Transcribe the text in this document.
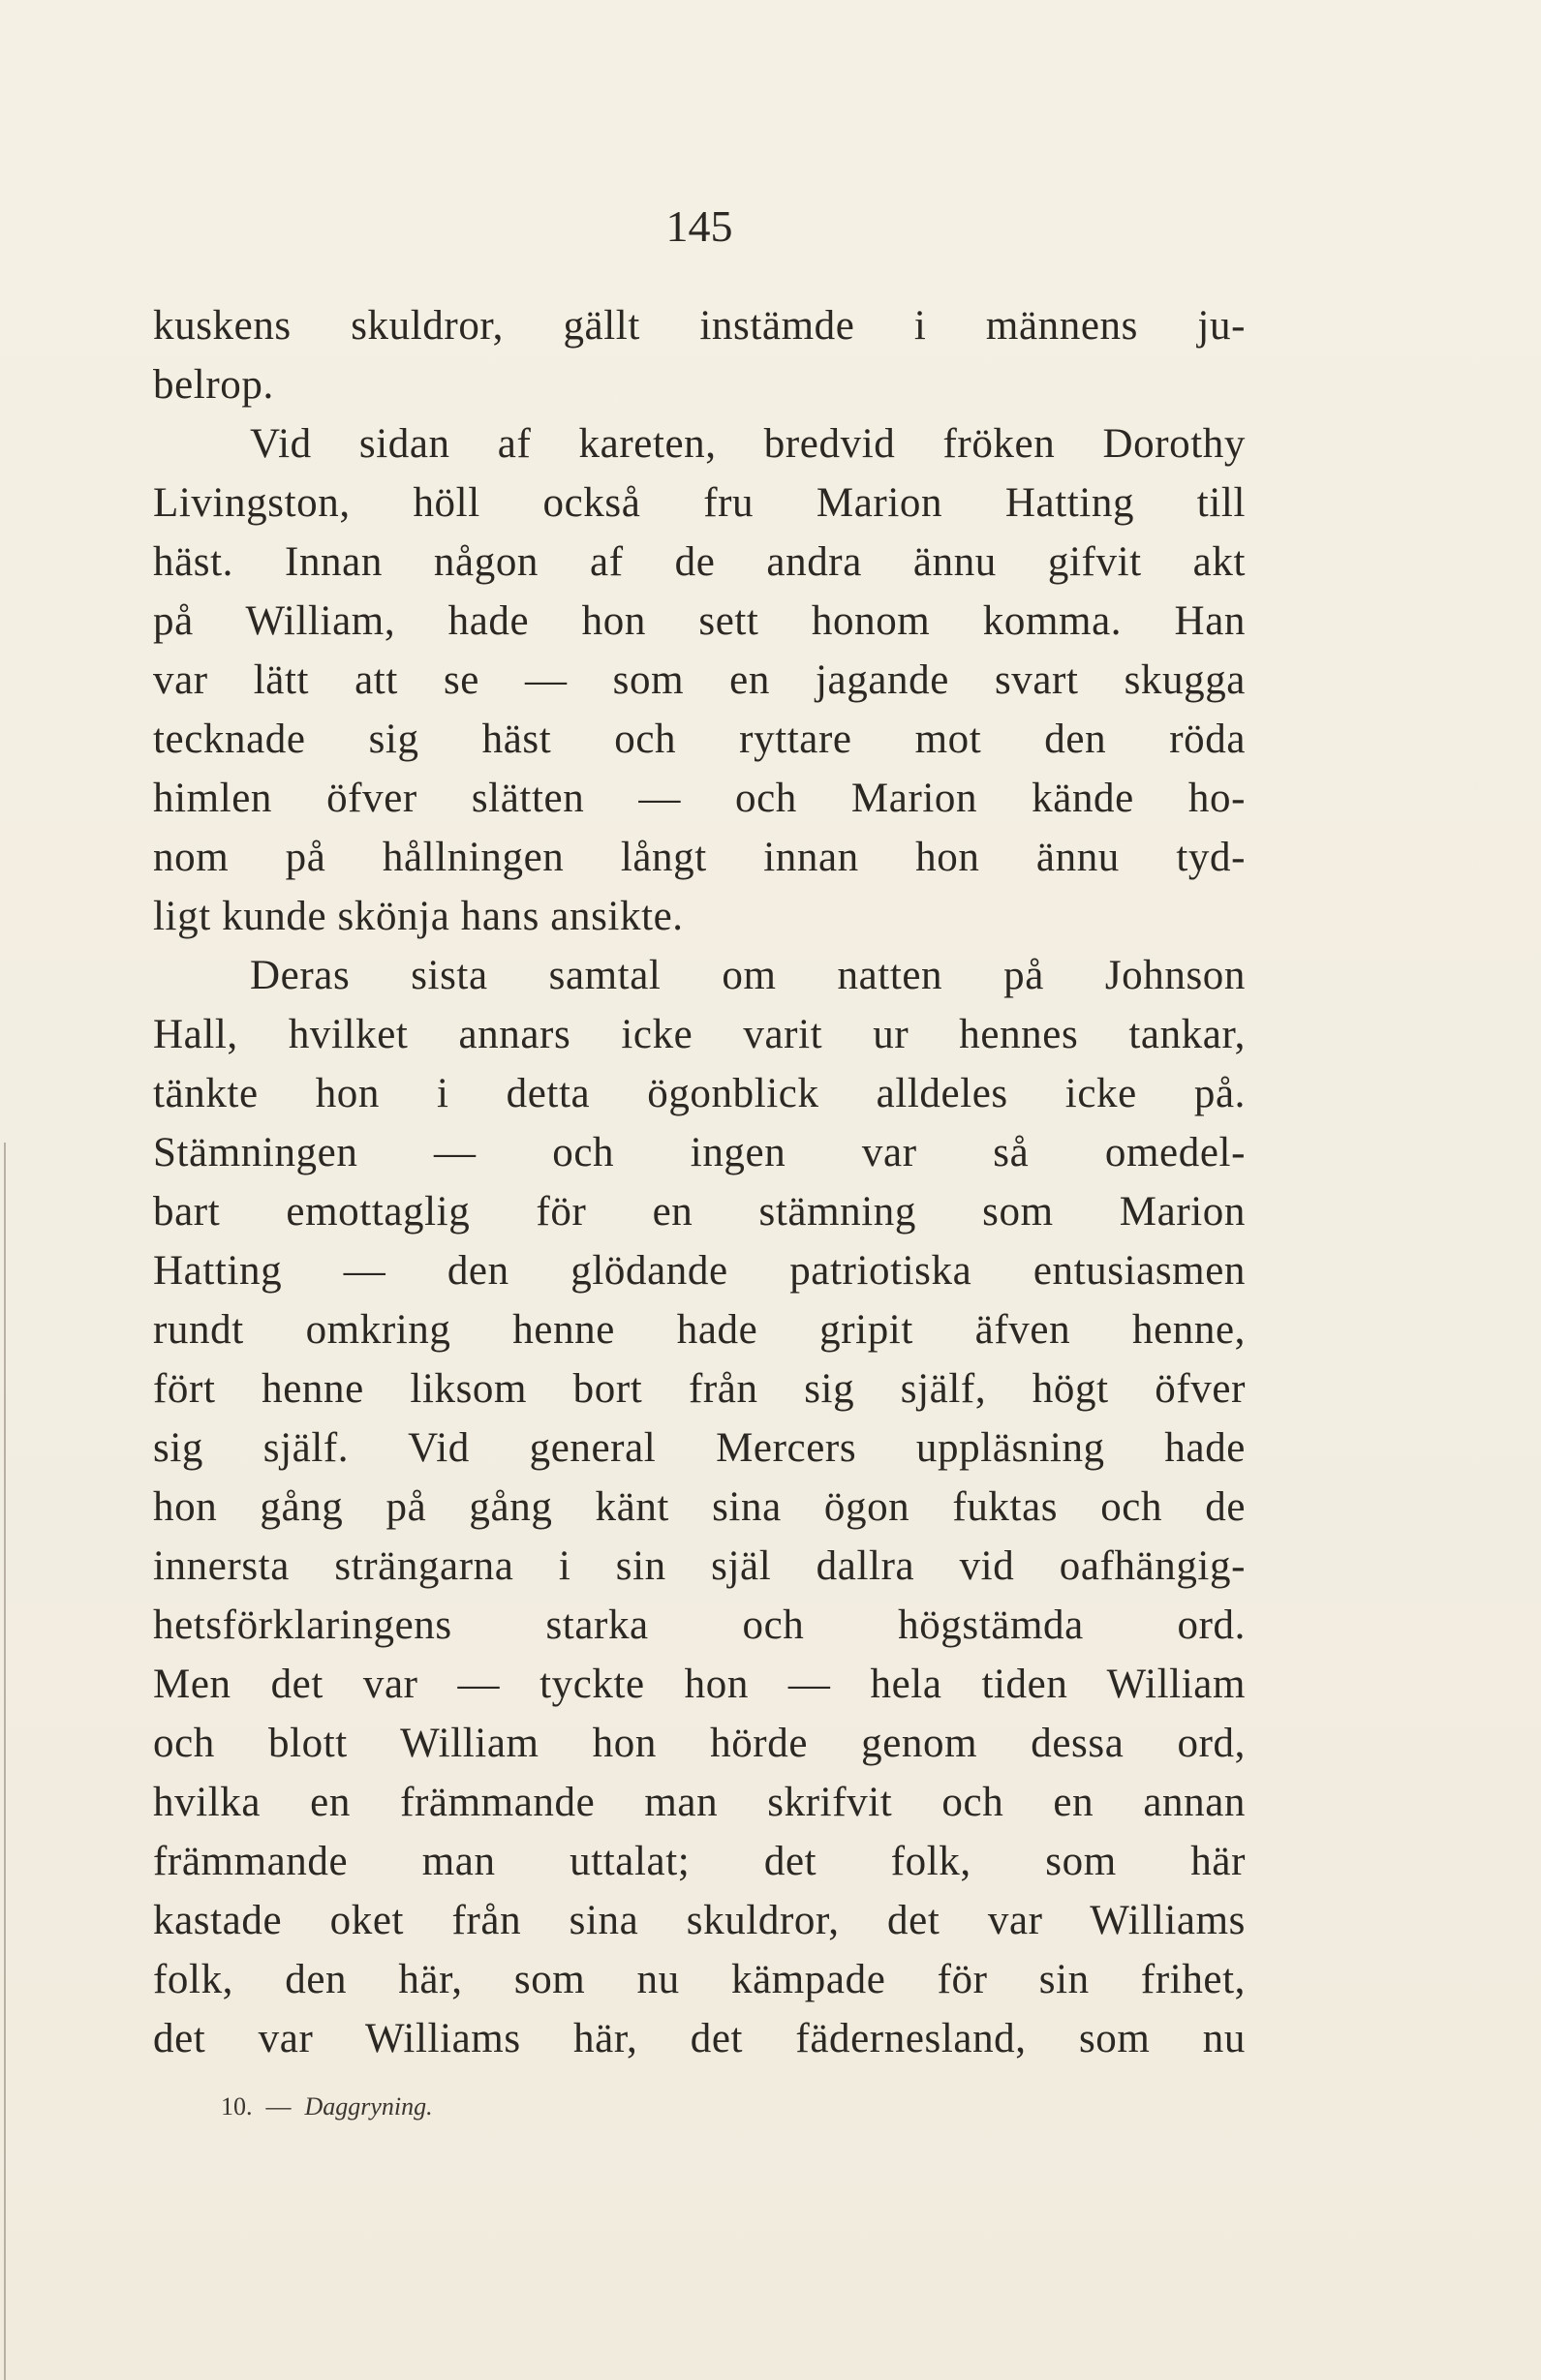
145
kuskens skuldror, gällt instämde i männens ju-
belrop.
Vid sidan af kareten, bredvid fröken Dorothy
Livingston, höll också fru Marion Hatting till
häst. Innan någon af de andra ännu gifvit akt
på William, hade hon sett honom komma. Han
var lätt att se — som en jagande svart skugga
tecknade sig häst och ryttare mot den röda
himlen öfver slätten — och Marion kände ho-
nom på hållningen långt innan hon ännu tyd-
ligt kunde skönja hans ansikte.
Deras sista samtal om natten på Johnson
Hall, hvilket annars icke varit ur hennes tankar,
tänkte hon i detta ögonblick alldeles icke på.
Stämningen — och ingen var så omedel-
bart emottaglig för en stämning som Marion
Hatting — den glödande patriotiska entusiasmen
rundt omkring henne hade gripit äfven henne,
fört henne liksom bort från sig själf, högt öfver
sig själf. Vid general Mercers uppläsning hade
hon gång på gång känt sina ögon fuktas och de
innersta strängarna i sin själ dallra vid oafhängig-
hetsförklaringens starka och högstämda ord.
Men det var — tyckte hon — hela tiden William
och blott William hon hörde genom dessa ord,
hvilka en främmande man skrifvit och en annan
främmande man uttalat; det folk, som här
kastade oket från sina skuldror, det var Williams
folk, den här, som nu kämpade för sin frihet,
det var Williams här, det fädernesland, som nu
10. — Daggryning.
